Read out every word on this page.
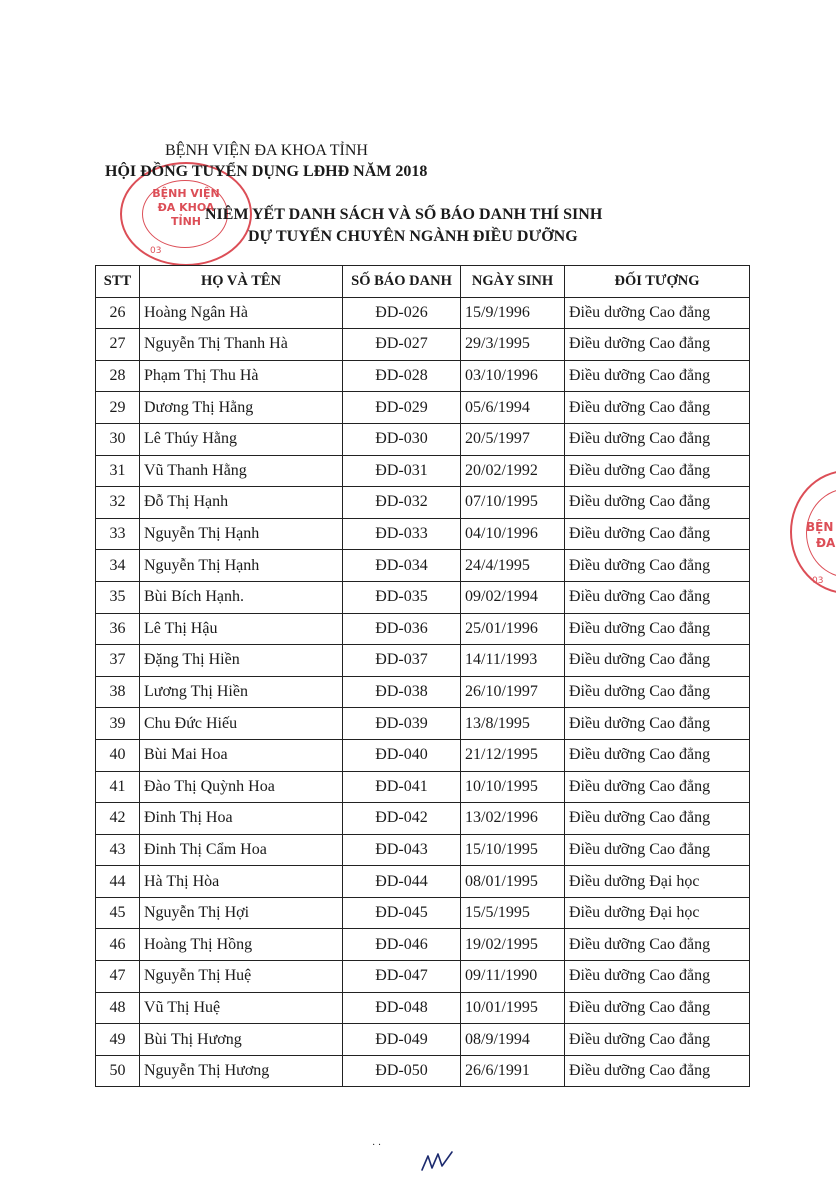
BỆNH VIỆN
ĐA KHOA
TỈNH
03
BỆN
ĐA
03
BỆNH VIỆN ĐA KHOA TỈNH
HỘI ĐỒNG TUYỂN DỤNG LĐHĐ NĂM 2018
NIÊM YẾT DANH SÁCH VÀ SỐ BÁO DANH THÍ SINH
DỰ TUYỂN CHUYÊN NGÀNH ĐIỀU DƯỠNG
STT	HỌ VÀ TÊN	SỐ BÁO DANH	NGÀY SINH	ĐỐI TƯỢNG
26	Hoàng Ngân Hà	ĐD-026	15/9/1996	Điều dưỡng Cao đẳng
27	Nguyễn Thị Thanh Hà	ĐD-027	29/3/1995	Điều dưỡng Cao đẳng
28	Phạm Thị Thu Hà	ĐD-028	03/10/1996	Điều dưỡng Cao đẳng
29	Dương Thị Hằng	ĐD-029	05/6/1994	Điều dưỡng Cao đẳng
30	Lê Thúy Hằng	ĐD-030	20/5/1997	Điều dưỡng Cao đẳng
31	Vũ Thanh Hằng	ĐD-031	20/02/1992	Điều dưỡng Cao đẳng
32	Đỗ Thị Hạnh	ĐD-032	07/10/1995	Điều dưỡng Cao đẳng
33	Nguyễn Thị Hạnh	ĐD-033	04/10/1996	Điều dưỡng Cao đẳng
34	Nguyễn Thị Hạnh	ĐD-034	24/4/1995	Điều dưỡng Cao đẳng
35	Bùi Bích Hạnh.	ĐD-035	09/02/1994	Điều dưỡng Cao đẳng
36	Lê Thị Hậu	ĐD-036	25/01/1996	Điều dưỡng Cao đẳng
37	Đặng Thị Hiền	ĐD-037	14/11/1993	Điều dưỡng Cao đẳng
38	Lương Thị Hiền	ĐD-038	26/10/1997	Điều dưỡng Cao đẳng
39	Chu Đức Hiếu	ĐD-039	13/8/1995	Điều dưỡng Cao đẳng
40	Bùi Mai Hoa	ĐD-040	21/12/1995	Điều dưỡng Cao đẳng
41	Đào Thị Quỳnh Hoa	ĐD-041	10/10/1995	Điều dưỡng Cao đẳng
42	Đinh Thị Hoa	ĐD-042	13/02/1996	Điều dưỡng Cao đẳng
43	Đinh Thị Cẩm Hoa	ĐD-043	15/10/1995	Điều dưỡng Cao đẳng
44	Hà Thị Hòa	ĐD-044	08/01/1995	Điều dưỡng Đại học
45	Nguyễn Thị Hợi	ĐD-045	15/5/1995	Điều dưỡng Đại học
46	Hoàng Thị Hồng	ĐD-046	19/02/1995	Điều dưỡng Cao đẳng
47	Nguyễn Thị Huệ	ĐD-047	09/11/1990	Điều dưỡng Cao đẳng
48	Vũ Thị Huệ	ĐD-048	10/01/1995	Điều dưỡng Cao đẳng
49	Bùi Thị Hương	ĐD-049	08/9/1994	Điều dưỡng Cao đẳng
50	Nguyễn Thị Hương	ĐD-050	26/6/1991	Điều dưỡng Cao đẳng
· ·
